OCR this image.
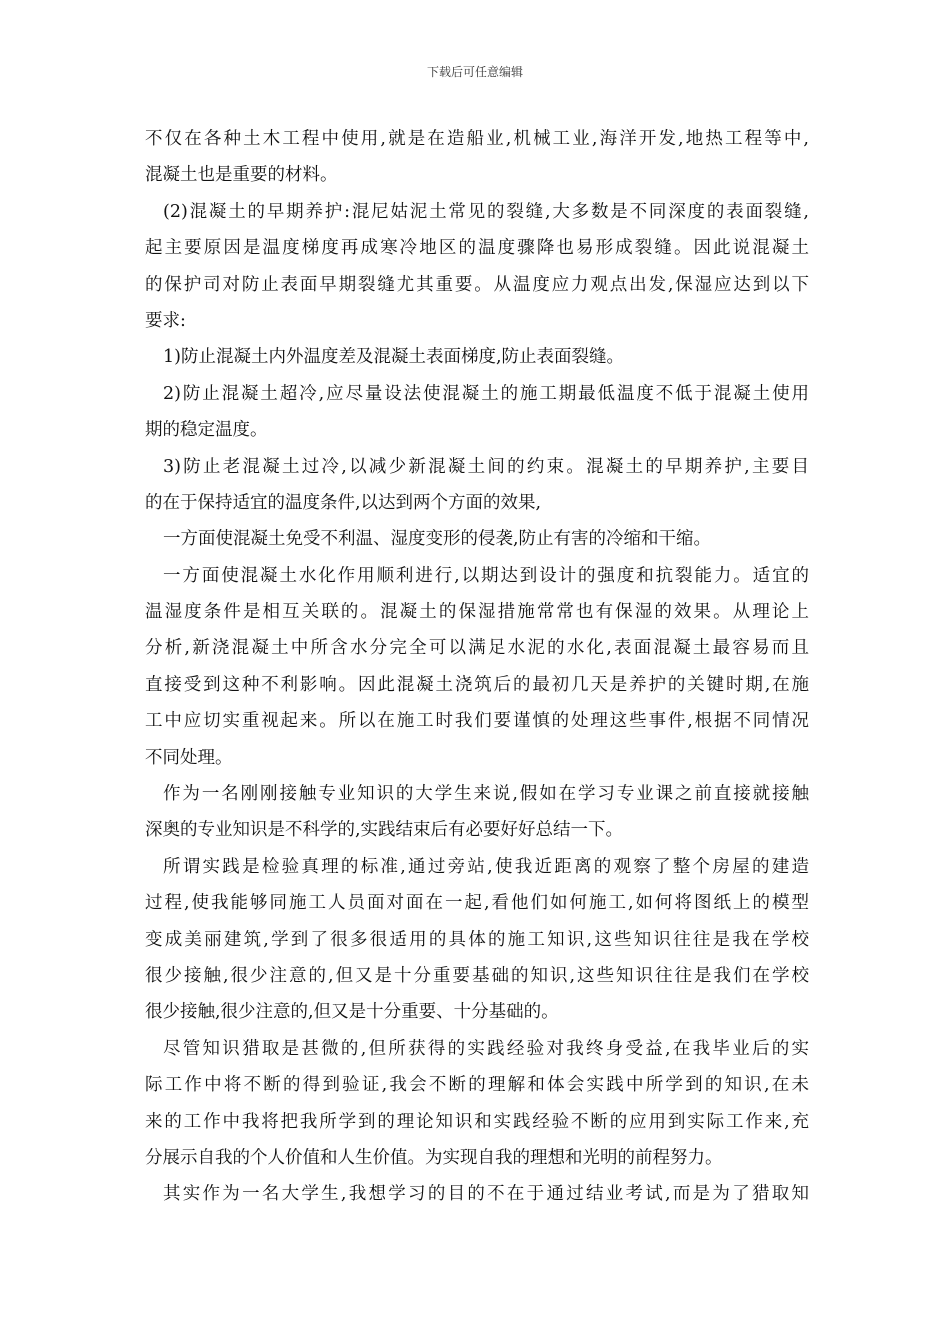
下载后可任意编辑
不仅在各种土木工程中使用,就是在造船业,机械工业,海洋开发,地热工程等中,
混凝土也是重要的材料。
(2)混凝土的早期养护:混尼姑泥土常见的裂缝,大多数是不同深度的表面裂缝,
起主要原因是温度梯度再成寒冷地区的温度骤降也易形成裂缝。因此说混凝土
的保护司对防止表面早期裂缝尤其重要。从温度应力观点出发,保湿应达到以下
要求:
1)防止混凝土内外温度差及混凝土表面梯度,防止表面裂缝。
2)防止混凝土超冷,应尽量设法使混凝土的施工期最低温度不低于混凝土使用
期的稳定温度。
3)防止老混凝土过冷,以减少新混凝土间的约束。混凝土的早期养护,主要目
的在于保持适宜的温度条件,以达到两个方面的效果,
一方面使混凝土免受不利温、湿度变形的侵袭,防止有害的冷缩和干缩。
一方面使混凝土水化作用顺利进行,以期达到设计的强度和抗裂能力。适宜的
温湿度条件是相互关联的。混凝土的保湿措施常常也有保湿的效果。从理论上
分析,新浇混凝土中所含水分完全可以满足水泥的水化,表面混凝土最容易而且
直接受到这种不利影响。因此混凝土浇筑后的最初几天是养护的关键时期,在施
工中应切实重视起来。所以在施工时我们要谨慎的处理这些事件,根据不同情况
不同处理。
作为一名刚刚接触专业知识的大学生来说,假如在学习专业课之前直接就接触
深奥的专业知识是不科学的,实践结束后有必要好好总结一下。
所谓实践是检验真理的标准,通过旁站,使我近距离的观察了整个房屋的建造
过程,使我能够同施工人员面对面在一起,看他们如何施工,如何将图纸上的模型
变成美丽建筑,学到了很多很适用的具体的施工知识,这些知识往往是我在学校
很少接触,很少注意的,但又是十分重要基础的知识,这些知识往往是我们在学校
很少接触,很少注意的,但又是十分重要、十分基础的。
尽管知识猎取是甚微的,但所获得的实践经验对我终身受益,在我毕业后的实
际工作中将不断的得到验证,我会不断的理解和体会实践中所学到的知识,在未
来的工作中我将把我所学到的理论知识和实践经验不断的应用到实际工作来,充
分展示自我的个人价值和人生价值。为实现自我的理想和光明的前程努力。
其实作为一名大学生,我想学习的目的不在于通过结业考试,而是为了猎取知
